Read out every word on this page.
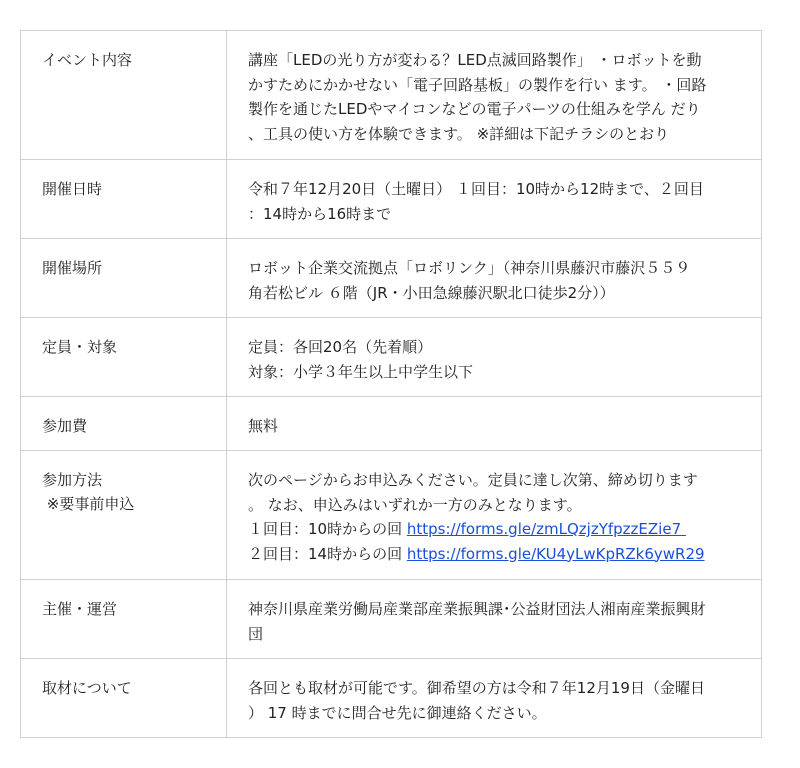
イベント内容	講座「LEDの光り方が変わる？LED点滅回路製作」 ・ロボットを動
かすためにかかせない「電子回路基板」の製作を行い ます。 ・回路
製作を通じたLEDやマイコンなどの電子パーツの仕組みを学ん だり
、工具の使い方を体験できます。 ※詳細は下記チラシのとおり

開催日時	令和７年12月20日（土曜日） １回目：10時から12時まで、２回目
：14時から16時まで

開催場所	ロボット企業交流拠点「ロボリンク」（神奈川県藤沢市藤沢５５９
角若松ビル ６階（JR・小田急線藤沢駅北口徒歩2分））

定員・対象	定員：各回20名（先着順）
対象：小学３年生以上中学生以下

参加費	無料

参加方法
※要事前申込	次のページからお申込みください。定員に達し次第、締め切ります
。 なお、申込みはいずれか一方のみとなります。
１回目：10時からの回 https://forms.gle/zmLQzjzYfpzzEZie7
２回目：14時からの回 https://forms.gle/KU4yLwKpRZk6ywR29

主催・運営	神奈川県産業労働局産業部産業振興課･公益財団法人湘南産業振興財
団

取材について	各回とも取材が可能です。御希望の方は令和７年12月19日（金曜日
） 17 時までに問合せ先に御連絡ください。
